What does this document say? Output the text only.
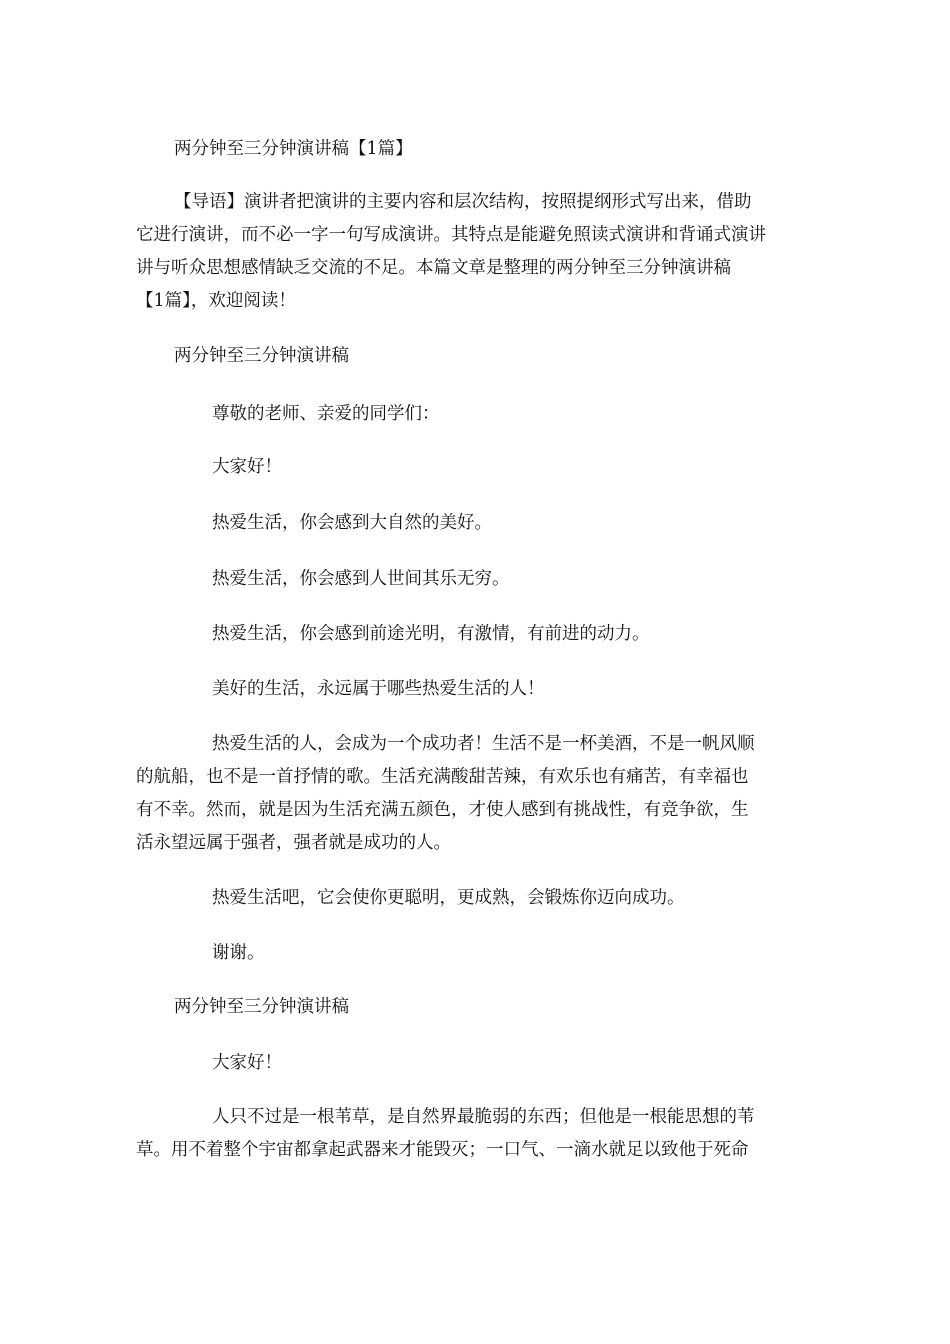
两分钟至三分钟演讲稿【1篇】

【导语】演讲者把演讲的主要内容和层次结构，按照提纲形式写出来，借助
它进行演讲，而不必一字一句写成演讲。其特点是能避免照读式演讲和背诵式演讲
讲与听众思想感情缺乏交流的不足。本篇文章是整理的两分钟至三分钟演讲稿
【1篇】，欢迎阅读！

两分钟至三分钟演讲稿

尊敬的老师、亲爱的同学们：

大家好！

热爱生活，你会感到大自然的美好。

热爱生活，你会感到人世间其乐无穷。

热爱生活，你会感到前途光明，有激情，有前进的动力。

美好的生活，永远属于哪些热爱生活的人！

热爱生活的人，会成为一个成功者！生活不是一杯美酒，不是一帆风顺
的航船，也不是一首抒情的歌。生活充满酸甜苦辣，有欢乐也有痛苦，有幸福也
有不幸。然而，就是因为生活充满五颜色，才使人感到有挑战性，有竞争欲，生
活永望远属于强者，强者就是成功的人。

热爱生活吧，它会使你更聪明，更成熟，会锻炼你迈向成功。

谢谢。

两分钟至三分钟演讲稿

大家好！

人只不过是一根苇草，是自然界最脆弱的东西；但他是一根能思想的苇
草。用不着整个宇宙都拿起武器来才能毁灭；一口气、一滴水就足以致他于死命
